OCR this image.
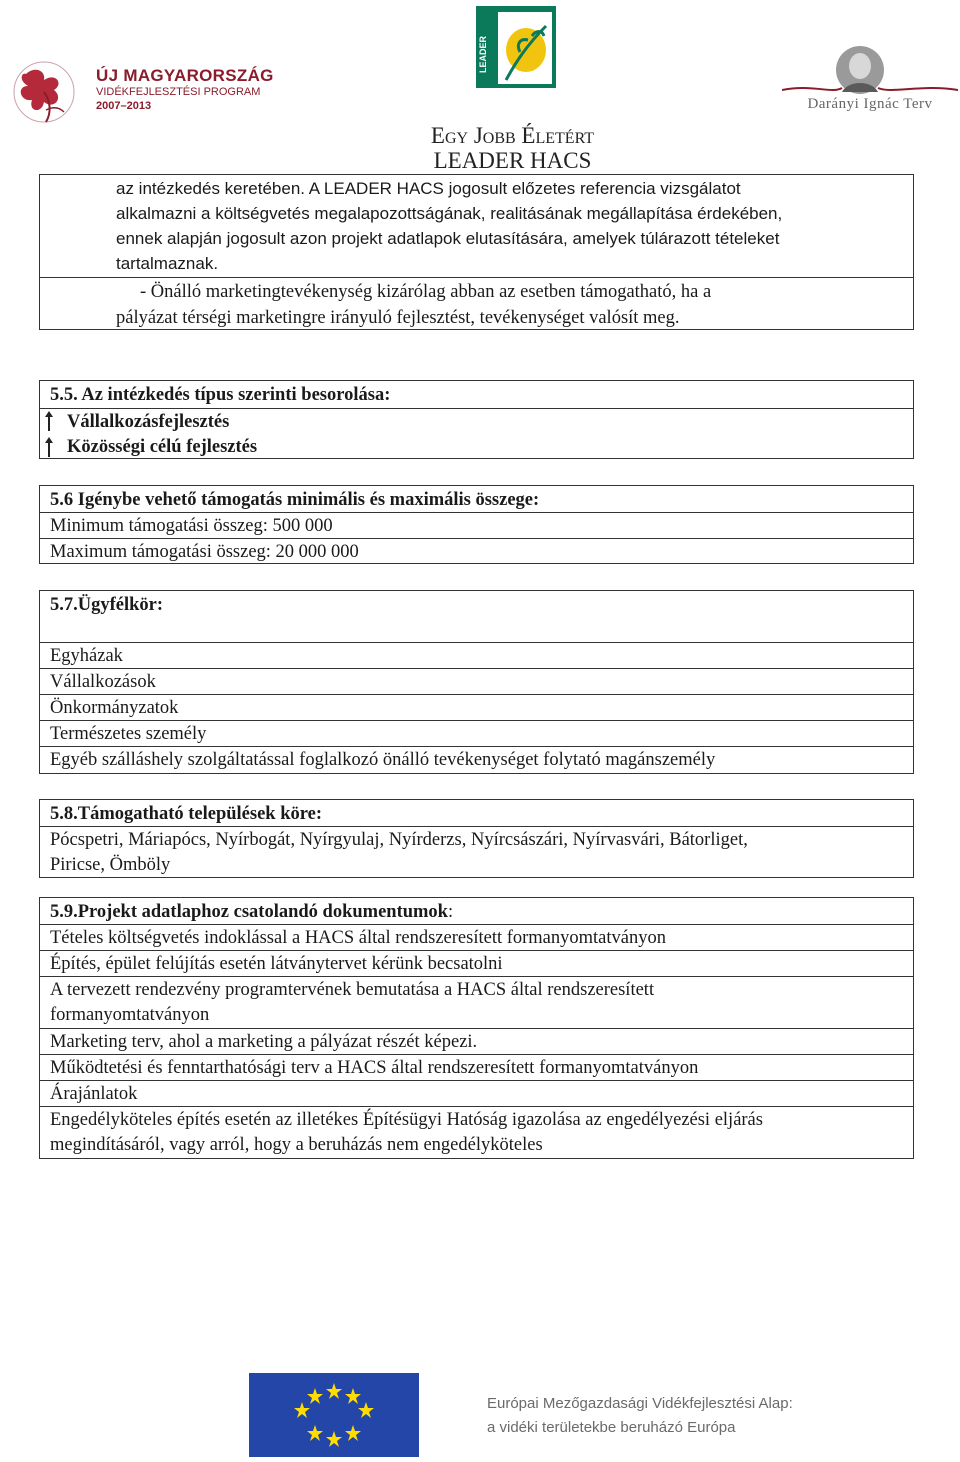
ÚJ MAGYARORSZÁG
VIDÉKFEJLESZTÉSI PROGRAM
2007–2013
LEADER
Darányi Ignác Terv
Egy Jobb Életért
LEADER HACS
az intézkedés keretében. A LEADER HACS jogosult előzetes referencia vizsgálatot
alkalmazni a költségvetés megalapozottságának, realitásának megállapítása érdekében,
ennek alapján jogosult azon projekt adatlapok elutasítására, amelyek túlárazott tételeket
tartalmaznak.
- Önálló marketingtevékenység kizárólag abban az esetben támogatható, ha a
pályázat térségi marketingre irányuló fejlesztést, tevékenységet valósít meg.
5.5. Az intézkedés típus szerinti besorolása:
Vállalkozásfejlesztés
Közösségi célú fejlesztés
5.6 Igénybe vehető támogatás minimális és maximális összege:
Minimum támogatási összeg: 500 000
Maximum támogatási összeg: 20 000 000
5.7.Ügyfélkör:
Egyházak
Vállalkozások
Önkormányzatok
Természetes személy
Egyéb szálláshely szolgáltatással foglalkozó önálló tevékenységet folytató magánszemély
5.8.Támogatható települések köre:
Pócspetri, Máriapócs, Nyírbogát, Nyírgyulaj, Nyírderzs, Nyírcsászári, Nyírvasvári, Bátorliget,
Piricse, Ömböly
5.9.Projekt adatlaphoz csatolandó dokumentumok:
Tételes költségvetés indoklással a HACS által rendszeresített formanyomtatványon
Építés, épület felújítás esetén látványtervet kérünk becsatolni
A tervezett rendezvény programtervének bemutatása a HACS által rendszeresített
formanyomtatványon
Marketing terv, ahol a marketing a pályázat részét képezi.
Működtetési és fenntarthatósági terv a HACS által rendszeresített formanyomtatványon
Árajánlatok
Engedélyköteles építés esetén az illetékes Építésügyi Hatóság igazolása az engedélyezési eljárás
megindításáról, vagy arról, hogy a beruházás nem engedélyköteles
Európai Mezőgazdasági Vidékfejlesztési Alap:
a vidéki területekbe beruházó Európa
